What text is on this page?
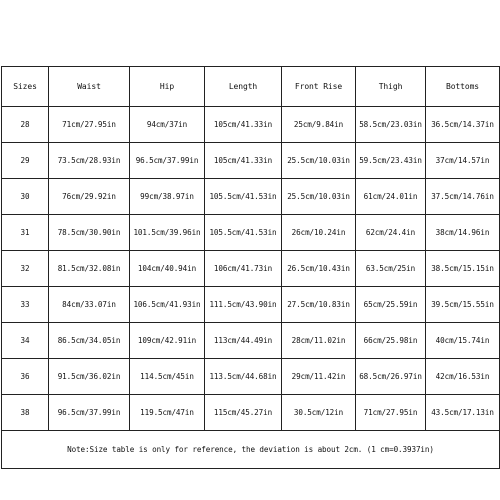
Sizes	Waist	Hip	Length	Front Rise	Thigh	Bottoms
28	71cm/27.95in	94cm/37in	105cm/41.33in	25cm/9.84in	58.5cm/23.03in	36.5cm/14.37in
29	73.5cm/28.93in	96.5cm/37.99in	105cm/41.33in	25.5cm/10.03in	59.5cm/23.43in	37cm/14.57in
30	76cm/29.92in	99cm/38.97in	105.5cm/41.53in	25.5cm/10.03in	61cm/24.01in	37.5cm/14.76in
31	78.5cm/30.90in	101.5cm/39.96in	105.5cm/41.53in	26cm/10.24in	62cm/24.4in	38cm/14.96in
32	81.5cm/32.08in	104cm/40.94in	106cm/41.73in	26.5cm/10.43in	63.5cm/25in	38.5cm/15.15in
33	84cm/33.07in	106.5cm/41.93in	111.5cm/43.90in	27.5cm/10.83in	65cm/25.59in	39.5cm/15.55in
34	86.5cm/34.05in	109cm/42.91in	113cm/44.49in	28cm/11.02in	66cm/25.98in	40cm/15.74in
36	91.5cm/36.02in	114.5cm/45in	113.5cm/44.68in	29cm/11.42in	68.5cm/26.97in	42cm/16.53in
38	96.5cm/37.99in	119.5cm/47in	115cm/45.27in	30.5cm/12in	71cm/27.95in	43.5cm/17.13in
Note:Size table is only for reference, the deviation is about 2cm. (1 cm=0.3937in)						
